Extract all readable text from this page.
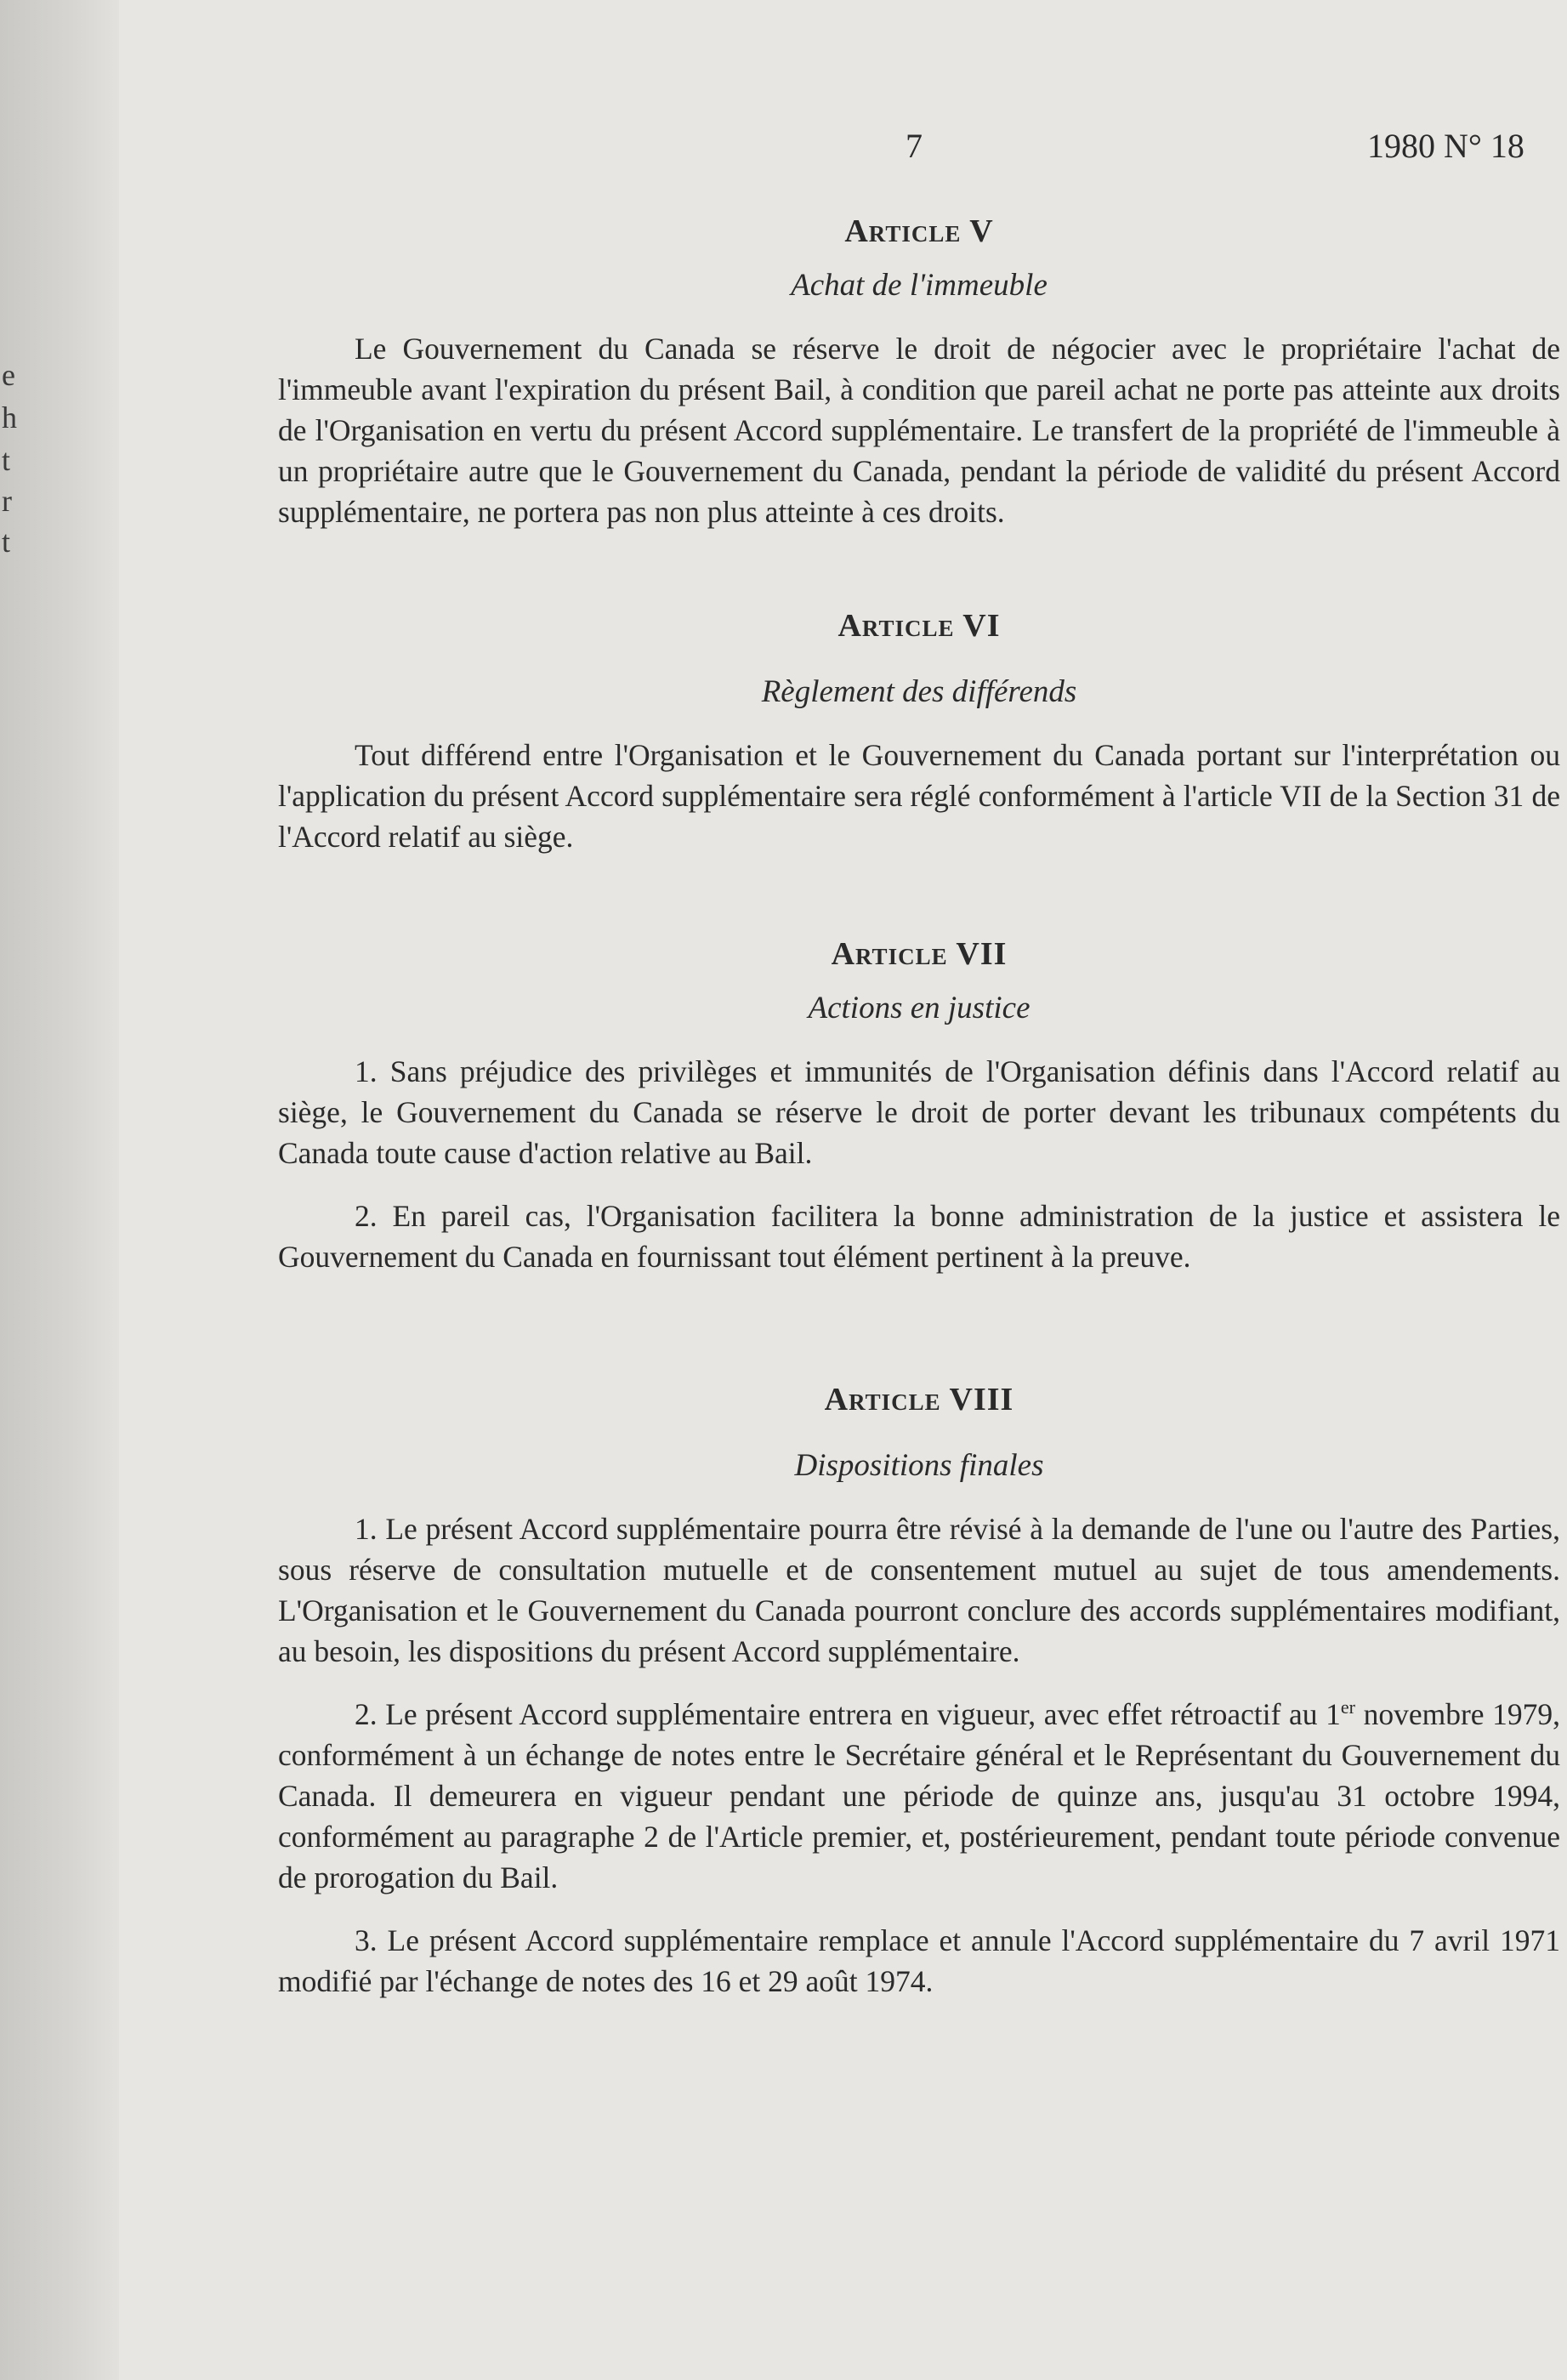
e
h
t
r
t
7	1980 N° 18
Article V
Achat de l'immeuble

Le Gouvernement du Canada se réserve le droit de négocier avec le propriétaire l'achat de l'immeuble avant l'expiration du présent Bail, à condition que pareil achat ne porte pas atteinte aux droits de l'Organisation en vertu du présent Accord supplémentaire. Le transfert de la propriété de l'immeuble à un propriétaire autre que le Gouvernement du Canada, pendant la période de validité du présent Accord supplémentaire, ne portera pas non plus atteinte à ces droits.

Article VI
Règlement des différends

Tout différend entre l'Organisation et le Gouvernement du Canada portant sur l'interprétation ou l'application du présent Accord supplémentaire sera réglé conformément à l'article VII de la Section 31 de l'Accord relatif au siège.

Article VII
Actions en justice

1. Sans préjudice des privilèges et immunités de l'Organisation définis dans l'Accord relatif au siège, le Gouvernement du Canada se réserve le droit de porter devant les tribunaux compétents du Canada toute cause d'action relative au Bail.

2. En pareil cas, l'Organisation facilitera la bonne administration de la justice et assistera le Gouvernement du Canada en fournissant tout élément pertinent à la preuve.

Article VIII
Dispositions finales

1. Le présent Accord supplémentaire pourra être révisé à la demande de l'une ou l'autre des Parties, sous réserve de consultation mutuelle et de consentement mutuel au sujet de tous amendements. L'Organisation et le Gouvernement du Canada pourront conclure des accords supplémentaires modifiant, au besoin, les dispositions du présent Accord supplémentaire.

2. Le présent Accord supplémentaire entrera en vigueur, avec effet rétroactif au 1er novembre 1979, conformément à un échange de notes entre le Secrétaire général et le Représentant du Gouvernement du Canada. Il demeurera en vigueur pendant une période de quinze ans, jusqu'au 31 octobre 1994, conformément au paragraphe 2 de l'Article premier, et, postérieurement, pendant toute période convenue de prorogation du Bail.

3. Le présent Accord supplémentaire remplace et annule l'Accord supplémentaire du 7 avril 1971 modifié par l'échange de notes des 16 et 29 août 1974.
